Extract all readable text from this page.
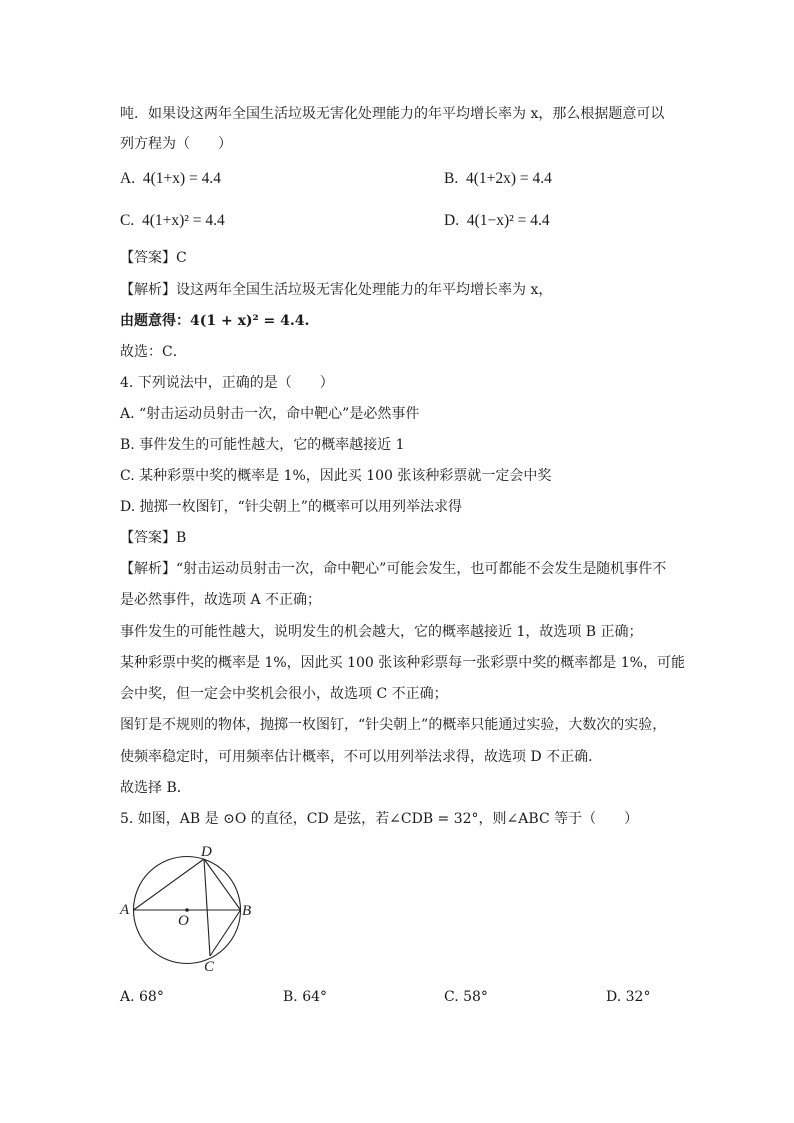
吨．如果设这两年全国生活垃圾无害化处理能力的年平均增长率为 x，那么根据题意可以
列方程为（　　）
A. 4(1+x) = 4.4	B. 4(1+2x) = 4.4
C. 4(1+x)² = 4.4	D. 4(1−x)² = 4.4
【答案】C
【解析】设这两年全国生活垃圾无害化处理能力的年平均增长率为 x，
由题意得：4(1 + x)² = 4.4.
故选：C．
4. 下列说法中，正确的是（　　）
A. “射击运动员射击一次，命中靶心”是必然事件
B. 事件发生的可能性越大，它的概率越接近 1
C. 某种彩票中奖的概率是 1%，因此买 100 张该种彩票就一定会中奖
D. 抛掷一枚图钉，“针尖朝上”的概率可以用列举法求得
【答案】B
【解析】“射击运动员射击一次，命中靶心”可能会发生，也可都能不会发生是随机事件不
是必然事件，故选项 A 不正确；
事件发生的可能性越大，说明发生的机会越大，它的概率越接近 1，故选项 B 正确；
某种彩票中奖的概率是 1%，因此买 100 张该种彩票每一张彩票中奖的概率都是 1%，可能
会中奖，但一定会中奖机会很小，故选项 C 不正确；
图钉是不规则的物体，抛掷一枚图钉，“针尖朝上”的概率只能通过实验，大数次的实验，
使频率稳定时，可用频率估计概率，不可以用列举法求得，故选项 D 不正确．
故选择 B．
5. 如图，AB 是 ⊙O 的直径，CD 是弦，若∠CDB = 32°，则∠ABC 等于（　　）
A	B
C
D
O
A. 68°	B. 64°	C. 58°	D. 32°
